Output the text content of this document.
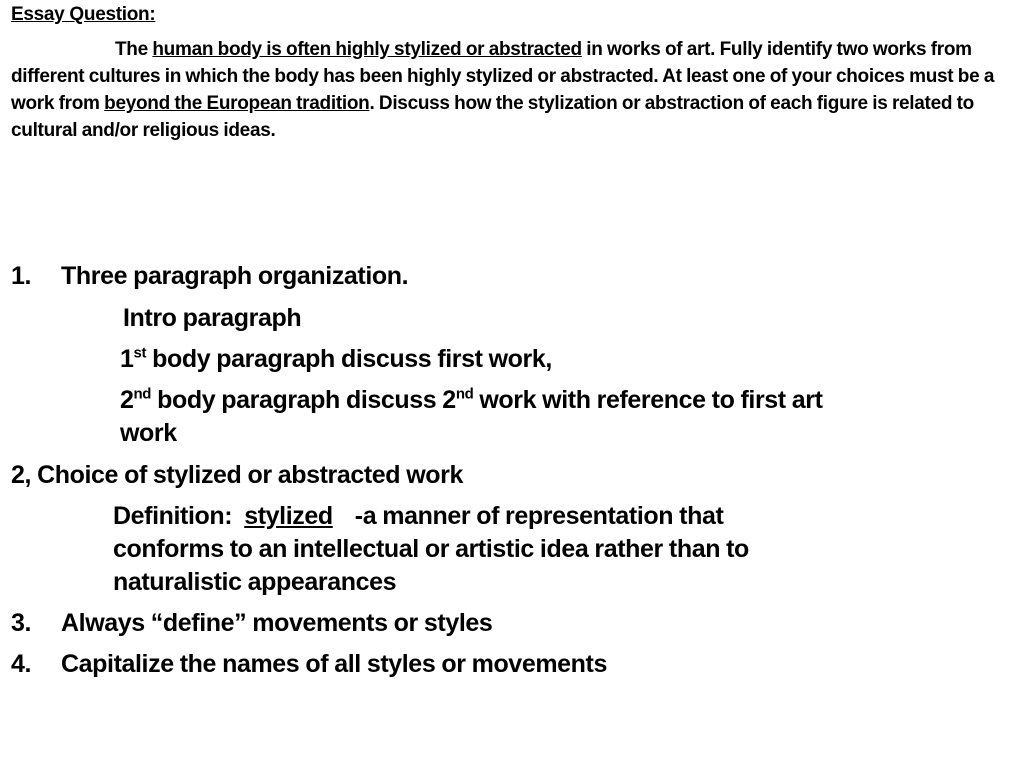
Essay Question:
The human body is often highly stylized or abstracted in works of art. Fully identify two works from different cultures in which the body has been highly stylized or abstracted. At least one of your choices must be a work from beyond the European tradition. Discuss how the stylization or abstraction of each figure is related to cultural and/or religious ideas.
1. Three paragraph organization.
Intro paragraph
1st body paragraph discuss first work,
2nd body paragraph discuss 2nd work with reference to first art
work
2, Choice of stylized or abstracted work
Definition: stylized -a manner of representation that
conforms to an intellectual or artistic idea rather than to
naturalistic appearances
3. Always “define” movements or styles
4. Capitalize the names of all styles or movements
